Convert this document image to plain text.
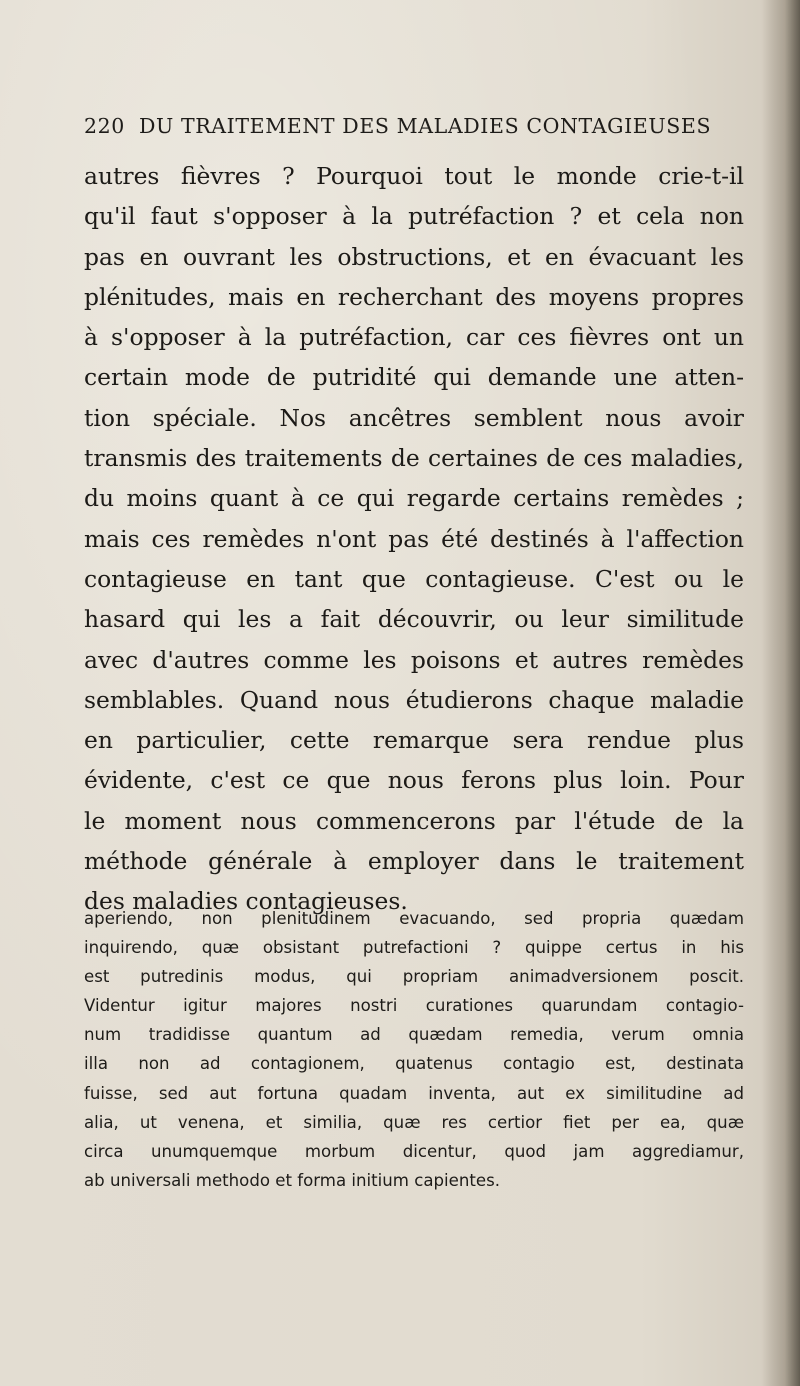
220 DU TRAITEMENT DES MALADIES CONTAGIEUSES
autres fièvres ? Pourquoi tout le monde crie-t-il
qu'il faut s'opposer à la putréfaction ? et cela non
pas en ouvrant les obstructions, et en évacuant les
plénitudes, mais en recherchant des moyens propres
à s'opposer à la putréfaction, car ces fièvres ont un
certain mode de putridité qui demande une atten-
tion spéciale. Nos ancêtres semblent nous avoir
transmis des traitements de certaines de ces maladies,
du moins quant à ce qui regarde certains remèdes ;
mais ces remèdes n'ont pas été destinés à l'affection
contagieuse en tant que contagieuse. C'est ou le
hasard qui les a fait découvrir, ou leur similitude
avec d'autres comme les poisons et autres remèdes
semblables. Quand nous étudierons chaque maladie
en particulier, cette remarque sera rendue plus
évidente, c'est ce que nous ferons plus loin. Pour
le moment nous commencerons par l'étude de la
méthode générale à employer dans le traitement
des maladies contagieuses.
aperiendo, non plenitudinem evacuando, sed propria quædam
inquirendo, quæ obsistant putrefactioni ? quippe certus in his
est putredinis modus, qui propriam animadversionem poscit.
Videntur igitur majores nostri curationes quarundam contagio-
num tradidisse quantum ad quædam remedia, verum omnia
illa non ad contagionem, quatenus contagio est, destinata
fuisse, sed aut fortuna quadam inventa, aut ex similitudine ad
alia, ut venena, et similia, quæ res certior fiet per ea, quæ
circa unumquemque morbum dicentur, quod jam aggrediamur,
ab universali methodo et forma initium capientes.
